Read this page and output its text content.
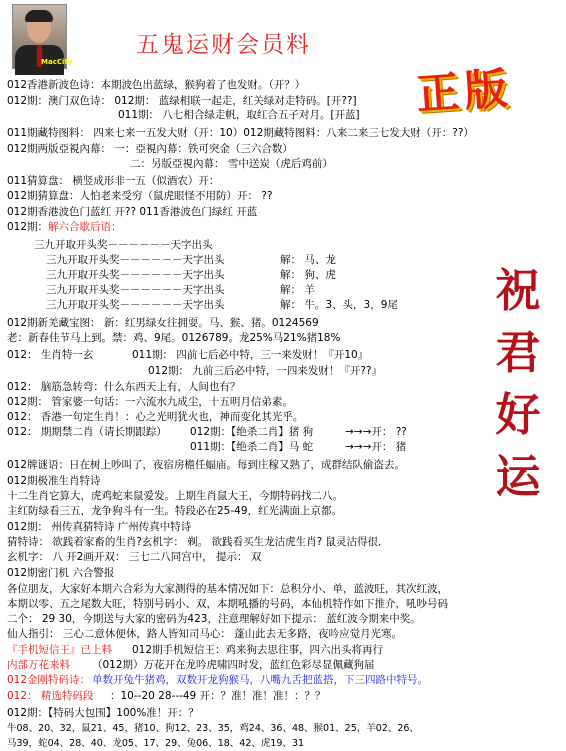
MacCity
五鬼运财会员料
正版
祝君好运
012香港新波色诗：本期波色出蓝绿，猴狗着了也发财。（开？）
012期：澳门双色诗： 012期： 蓝绿相联一起走，红关绿对走特码。[开??]
011期： 八七相合绿走帆，取红合五子对月。[开蓝]
011期藏特图料： 四来七来一五发大财（开：10）012期藏特图料：八来二来三七发大财（开：??）
012期两版亞視內幕： 一：亞視內幕：铁可突金（三六合数）
二：另版亞視內幕： 雪中送炭（虎后鸡前）
011猜算盘： 横竖成形非一五（似酒农）开：
012期猜算盘：人怕老来受穷（鼠虎眼怪不用防）开： ??
012期香港波色门蓝红 开?? 011香港波色门绿红 开蓝
012期： 解六合歇后语：
三九开取开头奖－－－－－－天字出头
三九开取开头奖－－－－－－天字出头	解： 马、龙
三九开取开头奖－－－－－－天字出头	解： 狗、虎
三九开取开头奖－－－－－－天字出头	解： 羊
三九开取开头奖－－－－－－天字出头	解： 牛。3、头，3，9尾
012期新羌藏宝图： 新：红男绿女往拥耍。马、猴、猪。0124569
老：新春佳节马上到。禁：鸡、9尾。0126789。龙25%马21%猪18%
012： 生肖特一玄	011期： 四前七后必中特，三一来发财！『开10』
012期： 九前三后必中特，一四来发财！『开??』
012： 脑筋急转弯：什么东西天上有，人间也有？
012期： 管家婆一句话：一六流水九成尘，十五明月信弟素。
012： 香港一句定生肖！：心之光明犹火也，神而变化其光乎。
012： 期期禁二肖（请长期跟踪） 012期：【绝杀二肖】猪 狗	→→→开： ??
011期：【绝杀二肖】马 蛇	→→→开： 猪
012牌谜语：日在树上吵叫了，夜宿房檐任蝠庙。每到庄稼又熟了，成群结队偷盗去。
012期极准生肖特诗
十二生肖它算大，虎鸡蛇来鼠爱发。上期生肖鼠大王，今期特码找二八。
主红防绿看三五，龙争狗斗有一生。特段必在25-49，红光满面上京都。
012期： 州传真猜特诗 广州传真中特诗
猜特诗： 欲践着家畜的生肖?玄机字： 剃。 欲践看买生龙沽虎生肖? 鼠灵沽得很．
玄机字： 八 开2画开双： 三七二八同宫中， 提示： 双
012期密门机 六合警报
各位朋友，大家好本期六合彩为大家测得的基本情况如下：总积分小、单，蓝波旺，其次红波，
本期以零、五之尾数大旺，特别号码小、双，本期吼播的号码，本仙机特作如下推介，吼吵号码
二个： 29 30，今期送与大家的密码为423，注意理解好如下提示： 蓝红波今期来中奖。
仙人指引： 三心二意休便休，路人皆知司马心： 蓬山此去无多路，夜吟应觉月光寒。
『手机短信王』已上料 012期手机短信王：鸡来狗去思往事，四六出头将再行
内部万花来料 （012期）万花开在龙吟虎啸四时发，蓝红色彩尽显佩藏狗届
012金刚特码诗： 单数开兔牛猪鸡，双数开龙狗猴马，八嘴九舌把蓝搭，下三四路中特号。
012： 精选特码段 ：10--20 28---49 开：？准！准！准！：？？
012期：【特码大包围】100%准！开：？
牛08、20、32，鼠21、45，猪10、狗12、23、35，鸡24、36、48、猴01、25，羊02、26、
马39，蛇04、28、40、龙05、17、29、兔06、18、42、虎19、31
